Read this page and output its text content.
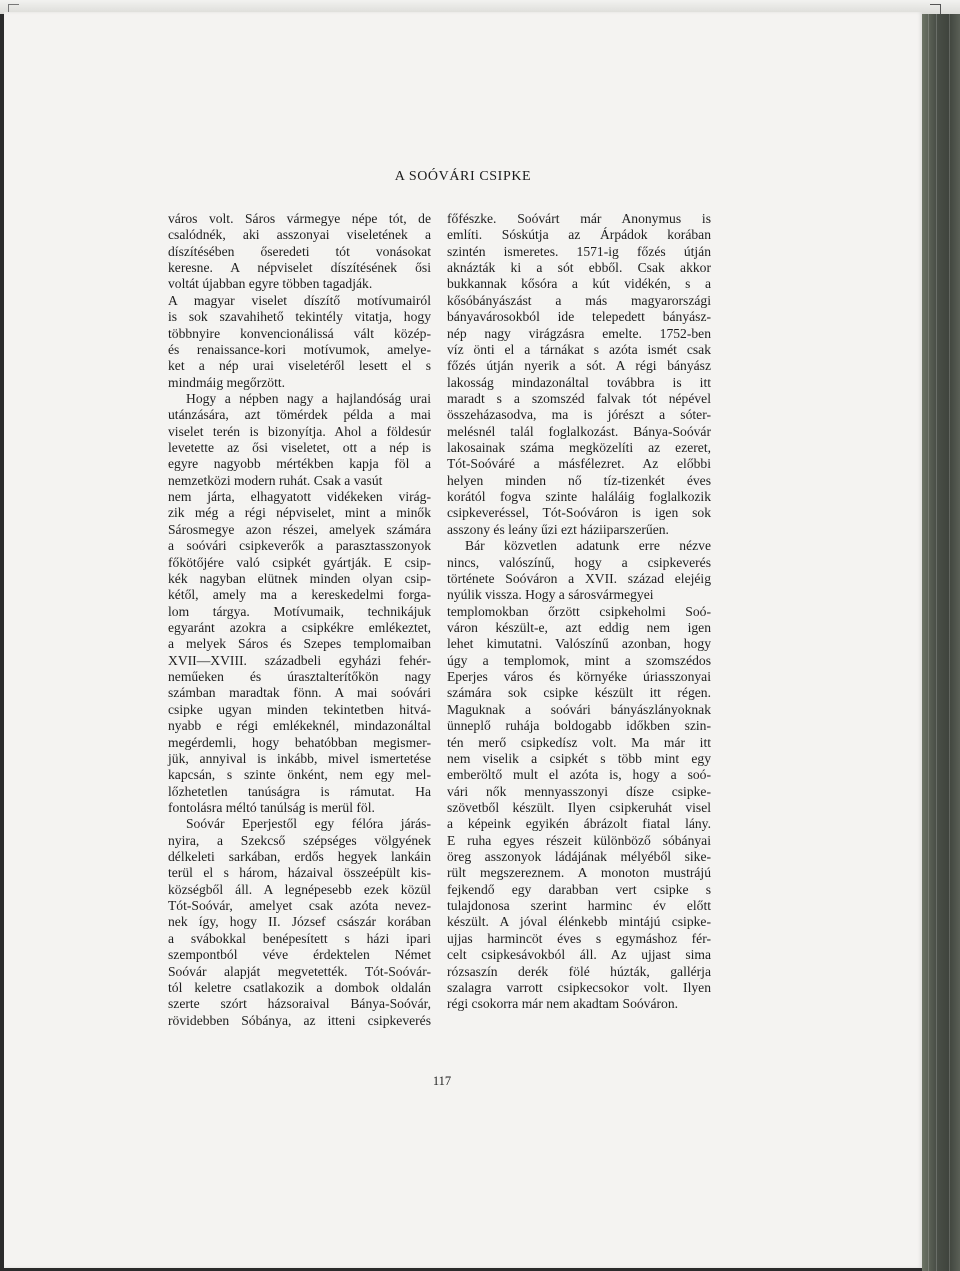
A SOÓVÁRI CSIPKE
város volt. Sáros vármegye népe tót, de
csalódnék, aki asszonyai viseletének a
díszítésében őseredeti tót vonásokat
keresne. A népviselet díszítésének ősi
voltát újabban egyre többen tagadják.
A magyar viselet díszítő motívumairól
is sok szavahihető tekintély vitatja, hogy
többnyire konvencionálissá vált közép-
és renaissance-kori motívumok, amelye-
ket a nép urai viseletéről lesett el s
mindmáig megőrzött.
Hogy a népben nagy a hajlandóság urai
utánzására, azt tömérdek példa a mai
viselet terén is bizonyítja. Ahol a földesúr
levetette az ősi viseletet, ott a nép is
egyre nagyobb mértékben kapja föl a
nemzetközi modern ruhát. Csak a vasút
nem járta, elhagyatott vidékeken virág-
zik még a régi népviselet, mint a minők
Sárosmegye azon részei, amelyek számára
a soóvári csipkeverők a parasztasszonyok
főkötőjére való csipkét gyártják. E csip-
kék nagyban elütnek minden olyan csip-
kétől, amely ma a kereskedelmi forga-
lom tárgya. Motívumaik, technikájuk
egyaránt azokra a csipkékre emlékeztet,
a melyek Sáros és Szepes templomaiban
XVII—XVIII. századbeli egyházi fehér-
neműeken és úrasztalterítőkön nagy
számban maradtak fönn. A mai soóvári
csipke ugyan minden tekintetben hitvá-
nyabb e régi emlékeknél, mindazonáltal
megérdemli, hogy behatóbban megismer-
jük, annyival is inkább, mivel ismertetése
kapcsán, s szinte önként, nem egy mel-
lőzhetetlen tanúságra is rámutat. Ha
fontolásra méltó tanúlság is merül föl.
Soóvár Eperjestől egy félóra járás-
nyira, a Szekcső szépséges völgyének
délkeleti sarkában, erdős hegyek lankáin
terül el s három, házaival összeépült kis-
községből áll. A legnépesebb ezek közül
Tót-Soóvár, amelyet csak azóta nevez-
nek így, hogy II. József császár korában
a svábokkal benépesített s házi ipari
szempontból véve érdektelen Német
Soóvár alapját megvetették. Tót-Soóvár-
tól keletre csatlakozik a dombok oldalán
szerte szórt házsoraival Bánya-Soóvár,
rövidebben Sóbánya, az itteni csipkeverés
főfészke. Soóvárt már Anonymus is
említi. Sóskútja az Árpádok korában
szintén ismeretes. 1571-ig főzés útján
aknázták ki a sót ebből. Csak akkor
bukkannak kősóra a kút vidékén, s a
kősóbányászást a más magyarországi
bányavárosokból ide telepedett bányász-
nép nagy virágzásra emelte. 1752-ben
víz önti el a tárnákat s azóta ismét csak
főzés útján nyerik a sót. A régi bányász
lakosság mindazonáltal továbbra is itt
maradt s a szomszéd falvak tót népével
összeházasodva, ma is jórészt a sóter-
melésnél talál foglalkozást. Bánya-Soóvár
lakosainak száma megközelíti az ezeret,
Tót-Soóváré a másfélezret. Az előbbi
helyen minden nő tíz-tizenkét éves
korától fogva szinte haláláig foglalkozik
csipkeveréssel, Tót-Soóváron is igen sok
asszony és leány űzi ezt háziiparszerűen.
Bár közvetlen adatunk erre nézve
nincs, valószínű, hogy a csipkeverés
története Soóváron a XVII. század elejéig
nyúlik vissza. Hogy a sárosvármegyei
templomokban őrzött csipkeholmi Soó-
váron készült-e, azt eddig nem igen
lehet kimutatni. Valószínű azonban, hogy
úgy a templomok, mint a szomszédos
Eperjes város és környéke úriasszonyai
számára sok csipke készült itt régen.
Maguknak a soóvári bányászlányoknak
ünneplő ruhája boldogabb időkben szin-
tén merő csipkedísz volt. Ma már itt
nem viselik a csipkét s több mint egy
emberöltő mult el azóta is, hogy a soó-
vári nők mennyasszonyi dísze csipke-
szövetből készült. Ilyen csipkeruhát visel
a képeink egyikén ábrázolt fiatal lány.
E ruha egyes részeit különböző sóbányai
öreg asszonyok ládájának mélyéből sike-
rült megszereznem. A monoton mustrájú
fejkendő egy darabban vert csipke s
tulajdonosa szerint harminc év előtt
készült. A jóval élénkebb mintájú csipke-
ujjas harmincöt éves s egymáshoz fér-
celt csipkesávokból áll. Az ujjast sima
rózsaszín derék fölé húzták, gallérja
szalagra varrott csipkecsokor volt. Ilyen
régi csokorra már nem akadtam Soóváron.
117
